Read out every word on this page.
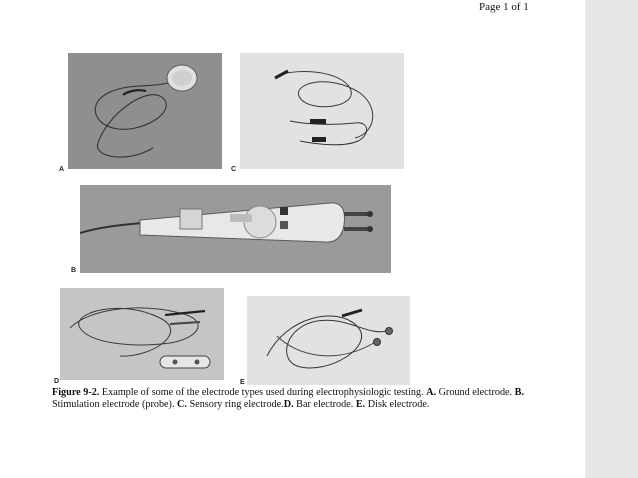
Page 1 of 1
A	C
B
D	E
Figure 9-2. Example of some of the electrode types used during electrophysiologic testing. A. Ground electrode. B. Stimulation electrode (probe). C. Sensory ring electrode.D. Bar electrode. E. Disk electrode.
